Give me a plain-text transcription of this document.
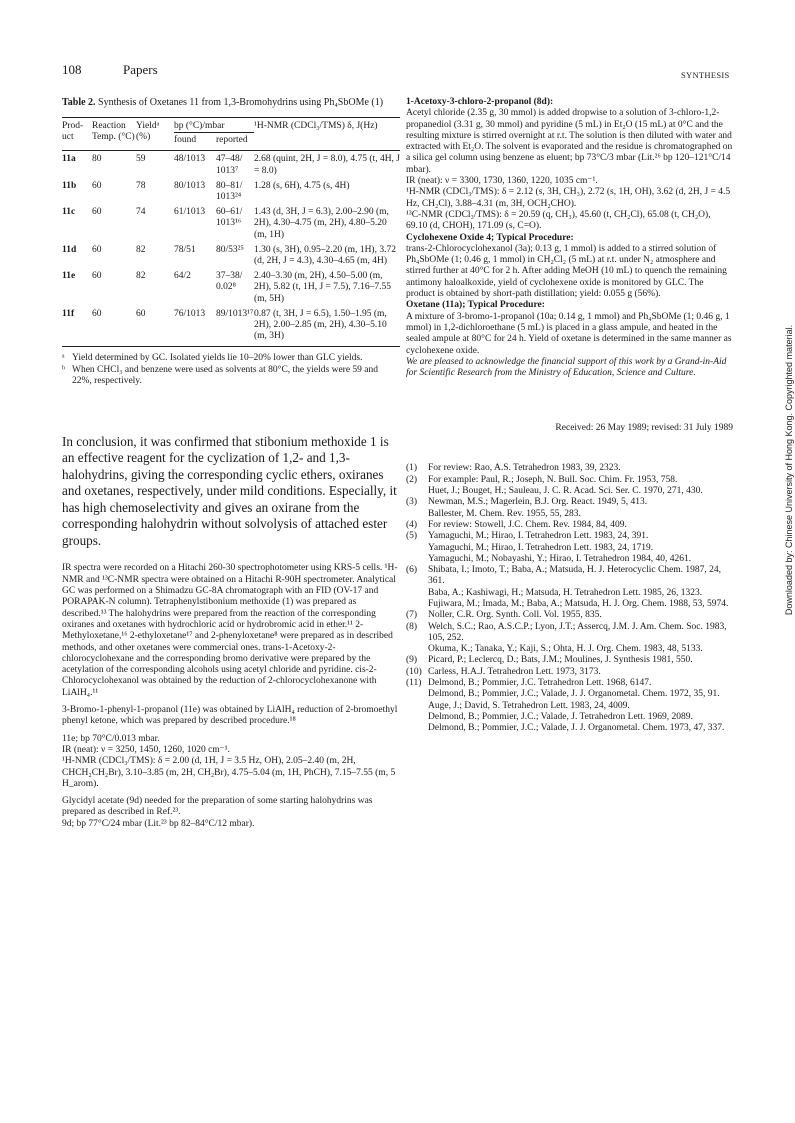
108	Papers	SYNTHESIS
Table 2. Synthesis of Oxetanes 11 from 1,3-Bromohydrins using Ph₄SbOMe (1)
Prod-uct	Reaction Temp. (°C)	Yieldᵃ (%)	bp (°C)/mbar		¹H-NMR (CDCl₃/TMS) δ, J(Hz)
			found	reported	
11a	80	59	48/1013	47–48/ 1013⁷	2.68 (quint, 2H, J = 8.0), 4.75 (t, 4H, J = 8.0)
11b	60	78	80/1013	80–81/ 1013²⁴	1.28 (s, 6H), 4.75 (s, 4H)
11c	60	74	61/1013	60–61/ 1013¹⁶	1.43 (d, 3H, J = 6.3), 2.00–2.90 (m, 2H), 4.30–4.75 (m, 2H), 4.80–5.20 (m, 1H)
11d	60	82	78/51	80/53²⁵	1.30 (s, 3H), 0.95–2.20 (m, 1H), 3.72 (d, 2H, J = 4.3), 4.30–4.65 (m, 4H)
11e	60	82	64/2	37–38/ 0.02⁸	2.40–3.30 (m, 2H), 4.50–5.00 (m, 2H), 5.82 (t, 1H, J = 7.5), 7.16–7.55 (m, 5H)
11f	60	60	76/1013	89/1013¹⁷	0.87 (t, 3H, J = 6.5), 1.50–1.95 (m, 2H), 2.00–2.85 (m, 2H), 4.30–5.10 (m, 3H)
ᵃ Yield determined by GC. Isolated yields lie 10–20% lower than GLC yields.
ᵇ When CHCl₃ and benzene were used as solvents at 80°C, the yields were 59 and 22%, respectively.
In conclusion, it was confirmed that stibonium methoxide 1 is an effective reagent for the cyclization of 1,2- and 1,3-halohydrins, giving the corresponding cyclic ethers, oxiranes and oxetanes, respectively, under mild conditions. Especially, it has high chemoselectivity and gives an oxirane from the corresponding halohydrin without solvolysis of attached ester groups.

IR spectra were recorded on a Hitachi 260-30 spectrophotometer using KRS-5 cells. ¹H-NMR and ¹³C-NMR spectra were obtained on a Hitachi R-90H spectrometer. Analytical GC was performed on a Shimadzu GC-8A chromatograph with an FID (OV-17 and PORAPAK-N column). Tetraphenylstibonium methoxide (1) was prepared as described.¹³ The halohydrins were prepared from the reaction of the corresponding oxiranes and oxetanes with hydrochloric acid or hydrobromic acid in ether.¹¹ 2-Methyloxetane,¹⁶ 2-ethyloxetane¹⁷ and 2-phenyloxetane⁸ were prepared as in described methods, and other oxetanes were commercial ones. trans-1-Acetoxy-2-chlorocyclohexane and the corresponding bromo derivative were prepared by the acetylation of the corresponding alcohols using acetyl chloride and pyridine. cis-2-Chlorocyclohexanol was obtained by the reduction of 2-chlorocyclohexanone with LiAlH₄.¹¹

3-Bromo-1-phenyl-1-propanol (11e) was obtained by LiAlH₄ reduction of 2-bromoethyl phenyl ketone, which was prepared by described procedure.¹⁸

11e; bp 70°C/0.013 mbar.

IR (neat): ν = 3250, 1450, 1260, 1020 cm⁻¹.

¹H-NMR (CDCl₃/TMS): δ = 2.00 (d, 1H, J = 3.5 Hz, OH), 2.05–2.40 (m, 2H, CHCH₂CH₂Br), 3.10–3.85 (m, 2H, CH₂Br), 4.75–5.04 (m, 1H, PhCH), 7.15–7.55 (m, 5 H_arom).

Glycidyl acetate (9d) needed for the preparation of some starting halohydrins was prepared as described in Ref.²³.

9d; bp 77°C/24 mbar (Lit.²³ bp 82–84°C/12 mbar).

1-Acetoxy-3-chloro-2-propanol (8d):

Acetyl chloride (2.35 g, 30 mmol) is added dropwise to a solution of 3-chloro-1,2-propanediol (3.31 g, 30 mmol) and pyridine (5 mL) in Et₂O (15 mL) at 0°C and the resulting mixture is stirred overnight at r.t. The solution is then diluted with water and extracted with Et₂O. The solvent is evaporated and the residue is chromatographed on a silica gel column using benzene as eluent; bp 73°C/3 mbar (Lit.²⁶ bp 120–121°C/14 mbar).

IR (neat): ν = 3300, 1730, 1360, 1220, 1035 cm⁻¹.

¹H-NMR (CDCl₃/TMS): δ = 2.12 (s, 3H, CH₃), 2.72 (s, 1H, OH), 3.62 (d, 2H, J = 4.5 Hz, CH₂Cl), 3.88–4.31 (m, 3H, OCH₂CHO).

¹³C-NMR (CDCl₃/TMS): δ = 20.59 (q, CH₃), 45.60 (t, CH₂Cl), 65.08 (t, CH₂O), 69.10 (d, CHOH), 171.09 (s, C=O).

Cyclohexene Oxide 4; Typical Procedure:

trans-2-Chlorocyclohexanol (3a); 0.13 g, 1 mmol) is added to a stirred solution of Ph₄SbOMe (1; 0.46 g, 1 mmol) in CH₂Cl₂ (5 mL) at r.t. under N₂ atmosphere and stirred further at 40°C for 2 h. After adding MeOH (10 mL) to quench the remaining antimony haloalkoxide, yield of cyclohexene oxide is monitored by GLC. The product is obtained by short-path distillation; yield: 0.055 g (56%).

Oxetane (11a); Typical Procedure:

A mixture of 3-bromo-1-propanol (10a; 0.14 g, 1 mmol) and Ph₄SbOMe (1; 0.46 g, 1 mmol) in 1,2-dichloroethane (5 mL) is placed in a glass ampule, and heated in the sealed ampule at 80°C for 24 h. Yield of oxetane is determined in the same manner as cyclohexene oxide.

We are pleased to acknowledge the financial support of this work by a Grand-in-Aid for Scientific Research from the Ministry of Education, Science and Culture.

Received: 26 May 1989; revised: 31 July 1989
(1)	For review: Rao, A.S. Tetrahedron 1983, 39, 2323.
(2)	For example: Paul, R.; Joseph, N. Bull. Soc. Chim. Fr. 1953, 758.
Huet, J.; Bouget, H.; Sauleau, J. C. R. Acad. Sci. Ser. C. 1970, 271, 430.
(3)	Newman, M.S.; Magerlein, B.J. Org. React. 1949, 5, 413.
Ballester, M. Chem. Rev. 1955, 55, 283.
(4)	For review: Stowell, J.C. Chem. Rev. 1984, 84, 409.
(5)	Yamaguchi, M.; Hirao, I. Tetrahedron Lett. 1983, 24, 391.
Yamaguchi, M.; Hirao, I. Tetrahedron Lett. 1983, 24, 1719.
Yamaguchi, M.; Nobayashi, Y.; Hirao, I. Tetrahedron 1984, 40, 4261.
(6)	Shibata, I.; Imoto, T.; Baba, A.; Matsuda, H. J. Heterocyclic Chem. 1987, 24, 361.
Baba, A.; Kashiwagi, H.; Matsuda, H. Tetrahedron Lett. 1985, 26, 1323.
Fujiwara, M.; Imada, M.; Baba, A.; Matsuda, H. J. Org. Chem. 1988, 53, 5974.
(7)	Noller, C.R. Org. Synth. Coll. Vol. 1955, 835.
(8)	Welch, S.C.; Rao, A.S.C.P.; Lyon, J.T.; Assercq, J.M. J. Am. Chem. Soc. 1983, 105, 252.
Okuma, K.; Tanaka, Y.; Kaji, S.; Ohta, H. J. Org. Chem. 1983, 48, 5133.
(9)	Picard, P.; Leclercq, D.; Bats, J.M.; Moulines, J. Synthesis 1981, 550.
(10) Carless, H.A.J. Tetrahedron Lett. 1973, 3173.
(11) Delmond, B.; Pommier, J.C. Tetrahedron Lett. 1968, 6147.
Delmond, B.; Pommier, J.C.; Valade, J. J. Organometal. Chem. 1972, 35, 91.
Auge, J.; David, S. Tetrahedron Lett. 1983, 24, 4009.
Delmond, B.; Pommier, J.C.; Valade, J. Tetrahedron Lett. 1969, 2089.
Delmond, B.; Pommier, J.C.; Valade, J. J. Organometal. Chem. 1973, 47, 337.
Downloaded by: Chinese University of Hong Kong. Copyrighted material.
